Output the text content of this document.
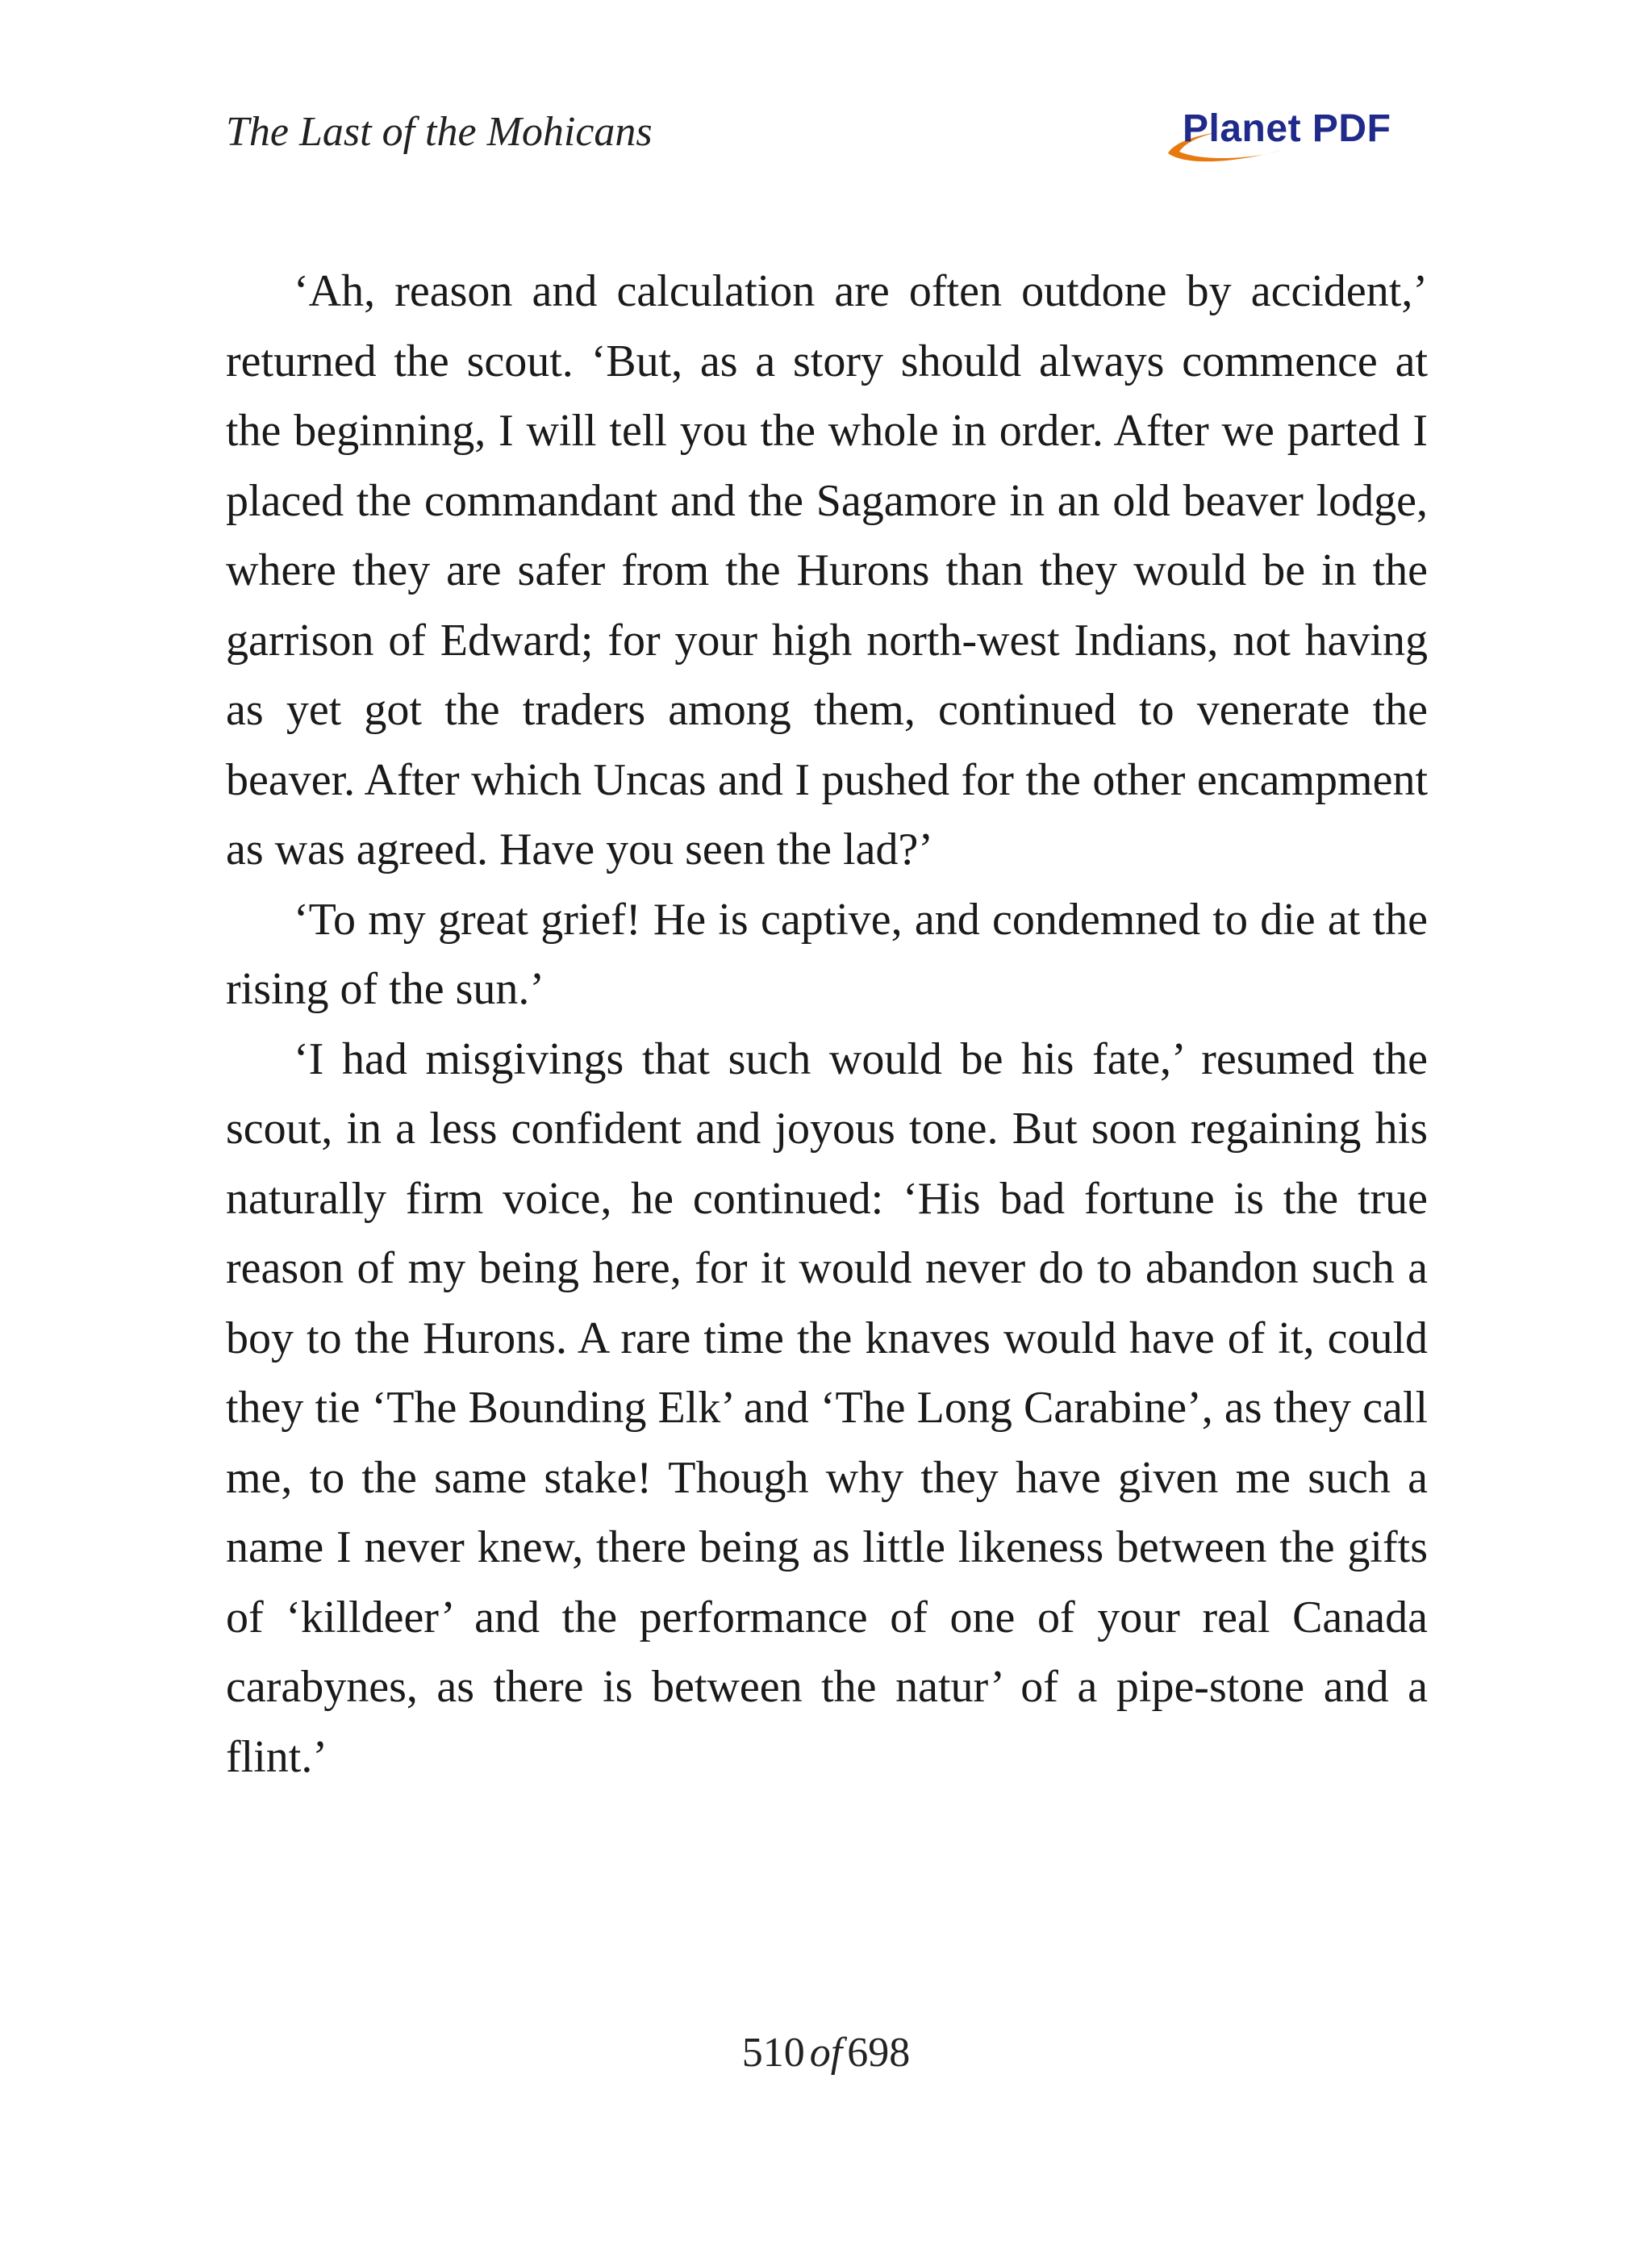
The Last of the Mohicans	Planet PDF

‘Ah, reason and calculation are often outdone by accident,’ returned the scout. ‘But, as a story should always commence at the beginning, I will tell you the whole in order. After we parted I placed the commandant and the Sagamore in an old beaver lodge, where they are safer from the Hurons than they would be in the garrison of Edward; for your high north-west Indians, not having as yet got the traders among them, continued to venerate the beaver. After which Uncas and I pushed for the other encampment as was agreed. Have you seen the lad?’

‘To my great grief! He is captive, and condemned to die at the rising of the sun.’

‘I had misgivings that such would be his fate,’ resumed the scout, in a less confident and joyous tone. But soon regaining his naturally firm voice, he continued: ‘His bad fortune is the true reason of my being here, for it would never do to abandon such a boy to the Hurons. A rare time the knaves would have of it, could they tie ‘The Bounding Elk’ and ‘The Long Carabine’, as they call me, to the same stake! Though why they have given me such a name I never knew, there being as little likeness between the gifts of ‘killdeer’ and the performance of one of your real Canada carabynes, as there is between the natur’ of a pipe-stone and a flint.’

510 of 698
